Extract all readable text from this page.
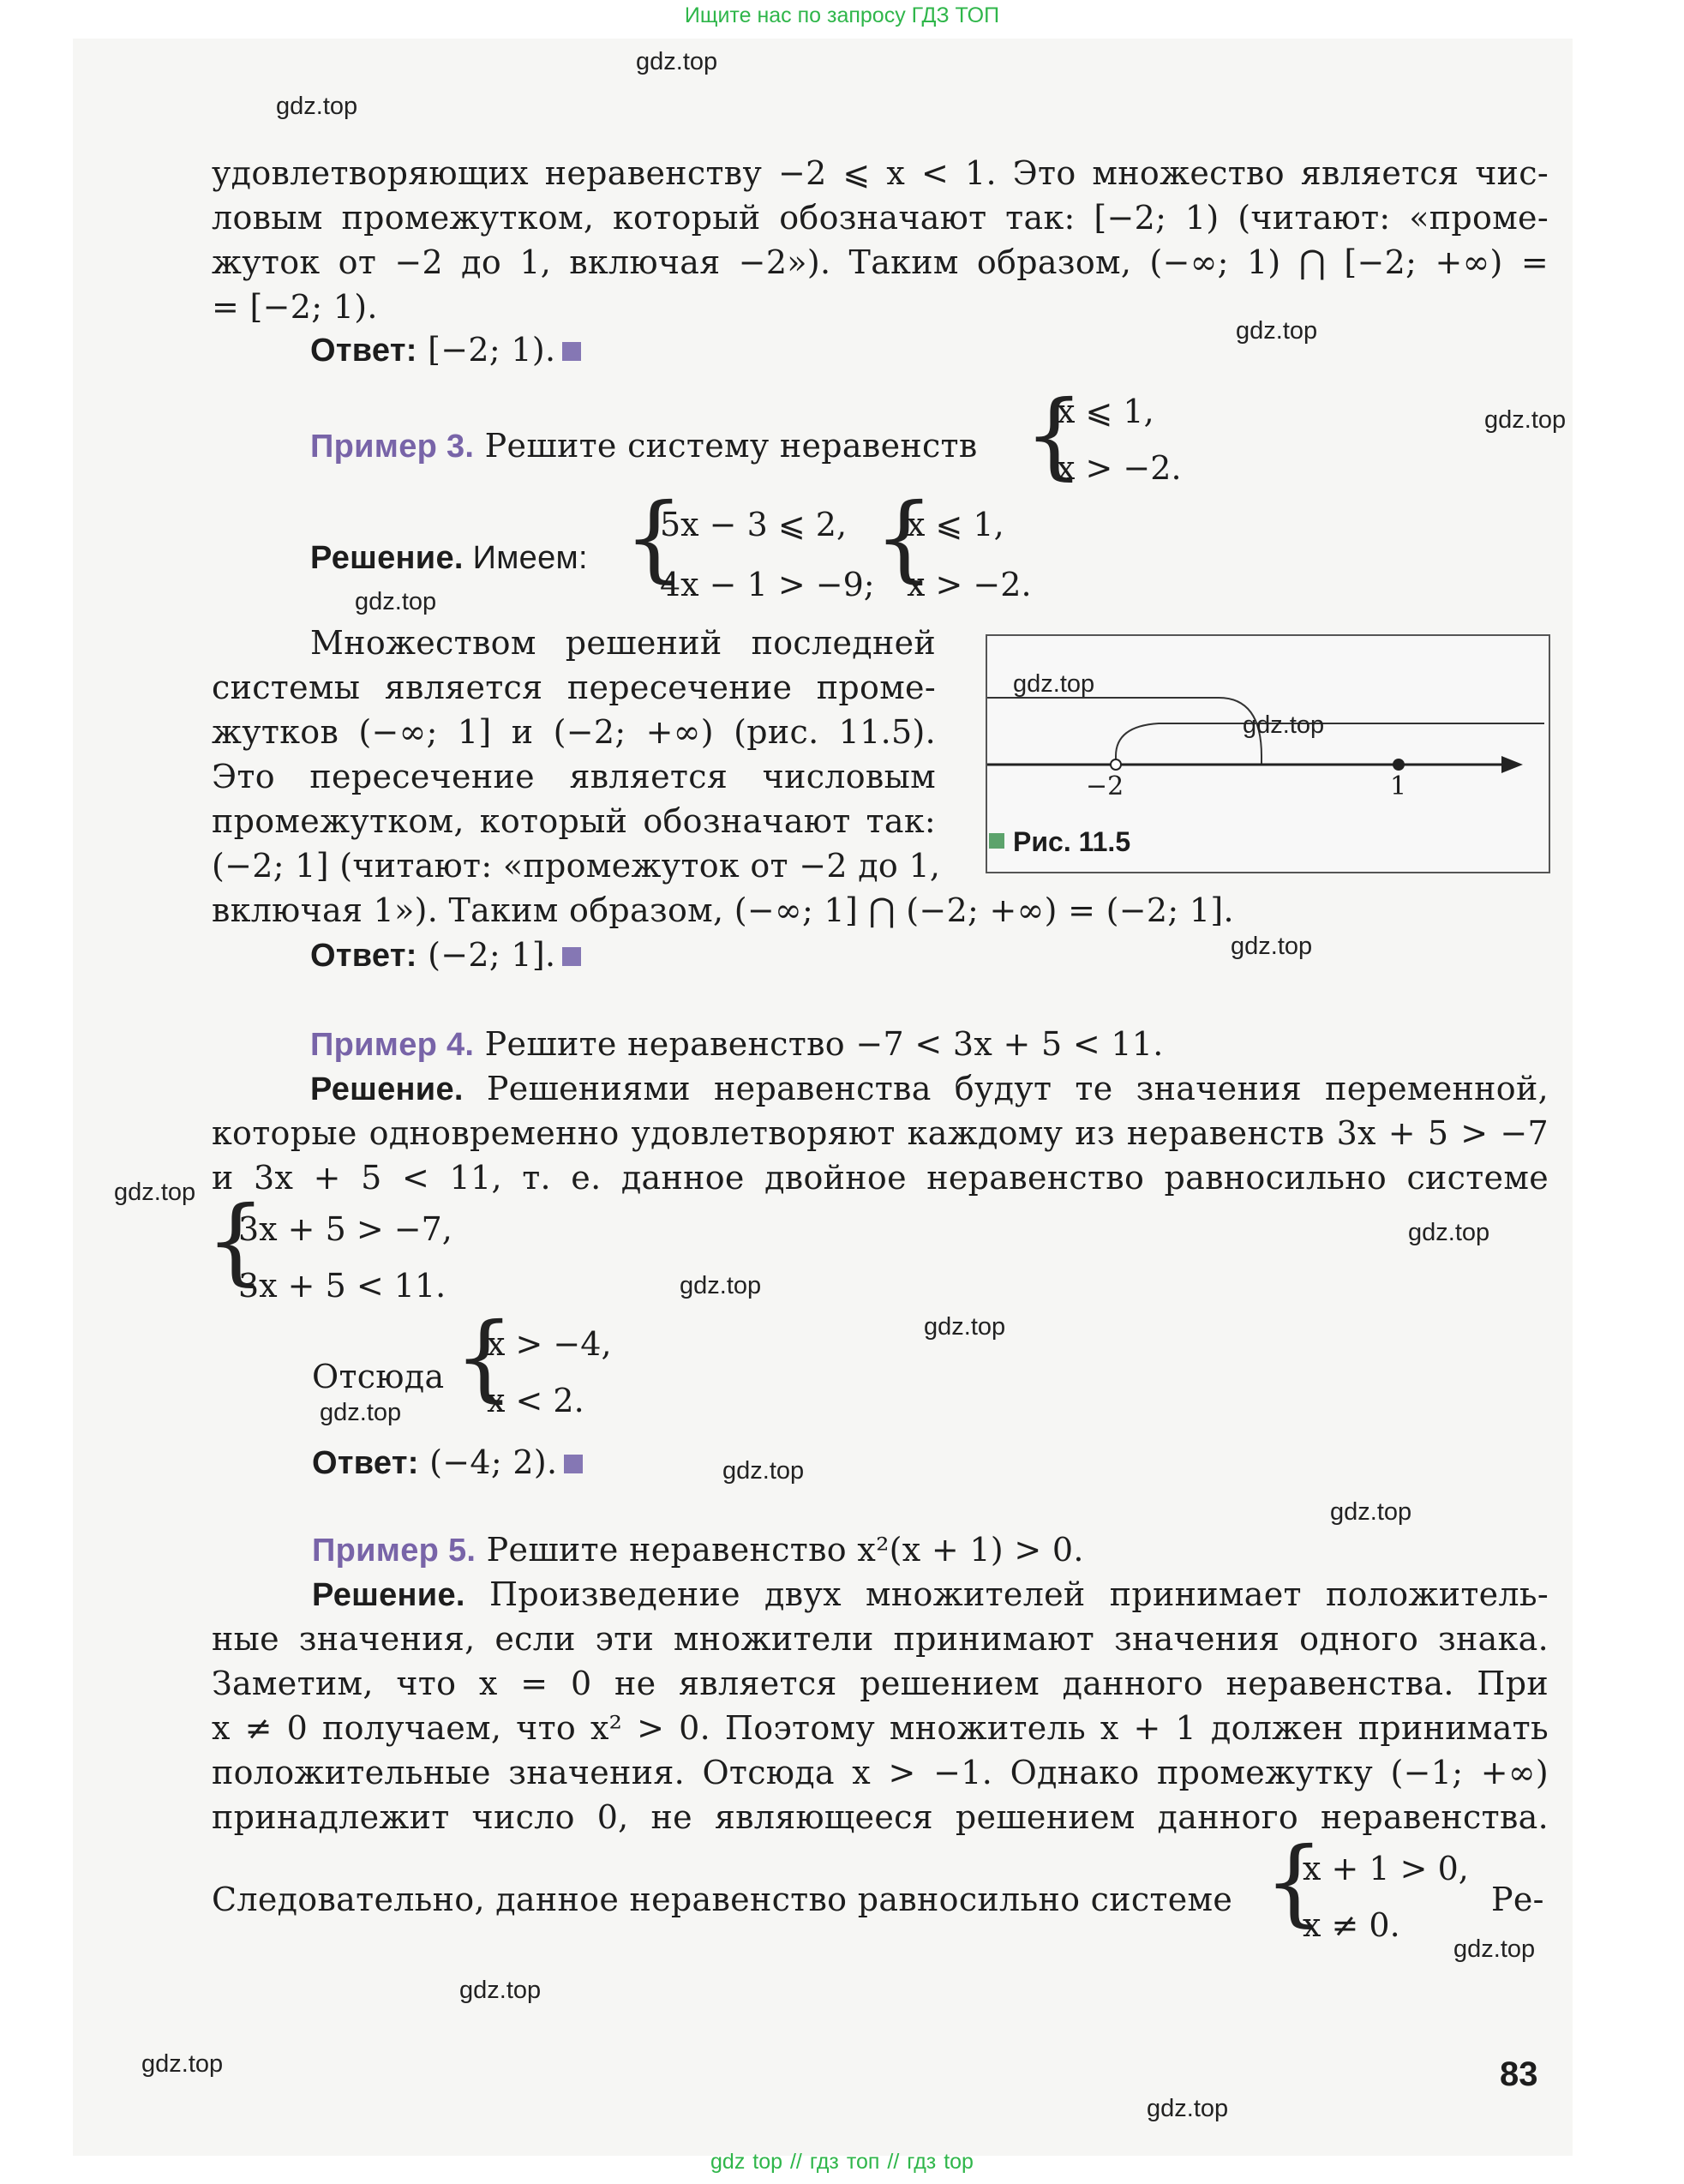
Ищите нас по запросу ГДЗ ТОП
gdz.top
gdz.top
gdz.top
gdz.top
gdz.top
gdz.top
gdz.top
gdz.top
gdz.top
gdz.top
gdz.top
gdz.top
gdz.top
gdz.top
gdz.top
gdz.top
gdz.top
gdz.top
gdz.top
удовлетворяющих неравенству −2 ⩽ x < 1. Это множество является чис-
ловым промежутком, который обозначают так: [−2; 1) (читают: «проме-
жуток от −2 до 1, включая −2»). Таким образом, (−∞; 1) ⋂ [−2; +∞) =
= [−2; 1).
Ответ: [−2; 1).
Пример 3. Решите систему неравенств {
x ⩽ 1,
x > −2.
Решение. Имеем: {
5x − 3 ⩽ 2,
4x − 1 > −9; {
x ⩽ 1,
x > −2.
Множеством решений последней
системы является пересечение проме-
жутков (−∞; 1] и (−2; +∞) (рис. 11.5).
Это пересечение является числовым
промежутком, который обозначают так:
(−2; 1] (читают: «промежуток от −2 до 1,
включая 1»). Таким образом, (−∞; 1] ⋂ (−2; +∞) = (−2; 1].
Ответ: (−2; 1].
−2	1
Рис. 11.5
Пример 4. Решите неравенство −7 < 3x + 5 < 11.
Решение. Решениями неравенства будут те значения переменной,
которые одновременно удовлетворяют каждому из неравенств 3x + 5 > −7
и 3x + 5 < 11, т. е. данное двойное неравенство равносильно системе
{
3x + 5 > −7,
3x + 5 < 11.
Отсюда {
x > −4,
x < 2.
Ответ: (−4; 2).
Пример 5. Решите неравенство x²(x + 1) > 0.
Решение. Произведение двух множителей принимает положитель-
ные значения, если эти множители принимают значения одного знака.
Заметим, что x = 0 не является решением данного неравенства. При
x ≠ 0 получаем, что x² > 0. Поэтому множитель x + 1 должен принимать
положительные значения. Отсюда x > −1. Однако промежутку (−1; +∞)
принадлежит число 0, не являющееся решением данного неравенства.
Следовательно, данное неравенство равносильно системе {
x + 1 > 0,
x ≠ 0.
Ре-
83
gdz top // гдз топ // гдз top
